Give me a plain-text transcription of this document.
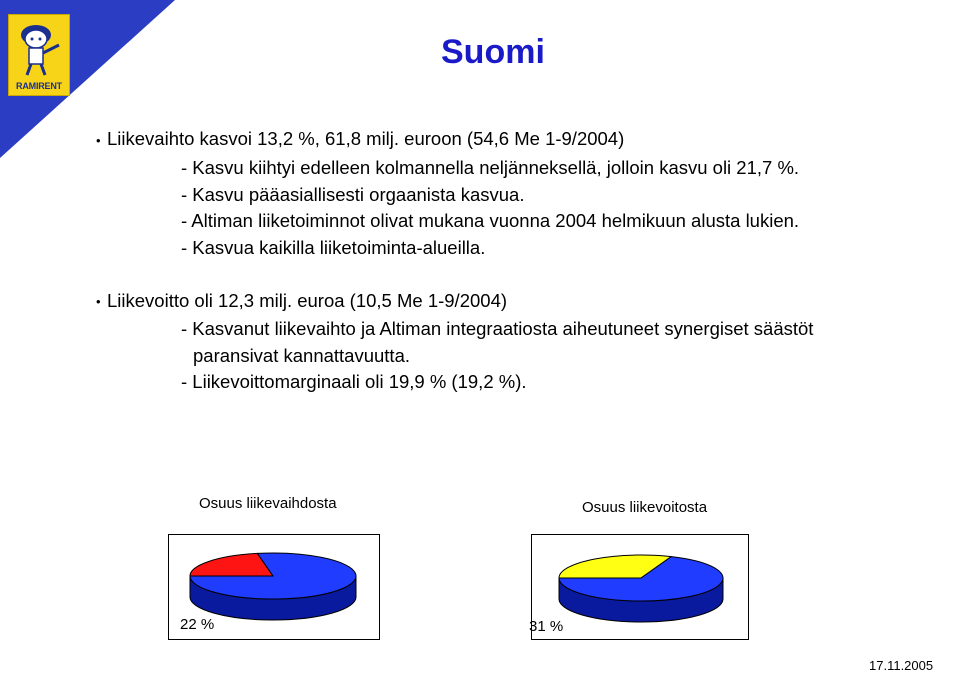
RAMIRENT
Suomi
• Liikevaihto kasvoi 13,2 %, 61,8 milj. euroon (54,6 Me 1-9/2004)
- Kasvu kiihtyi edelleen kolmannella neljänneksellä, jolloin kasvu oli 21,7 %.
- Kasvu pääasiallisesti orgaanista kasvua.
- Altiman liiketoiminnot olivat mukana vuonna 2004 helmikuun alusta lukien.
- Kasvua kaikilla liiketoiminta-alueilla.
• Liikevoitto oli 12,3 milj. euroa (10,5 Me 1-9/2004)
- Kasvanut liikevaihto ja Altiman integraatiosta aiheutuneet synergiset säästöt
paransivat kannattavuutta.
- Liikevoittomarginaali oli 19,9 % (19,2 %).
Osuus liikevaihdosta	Osuus liikevoitosta
22 %	31 %
17.11.2005
